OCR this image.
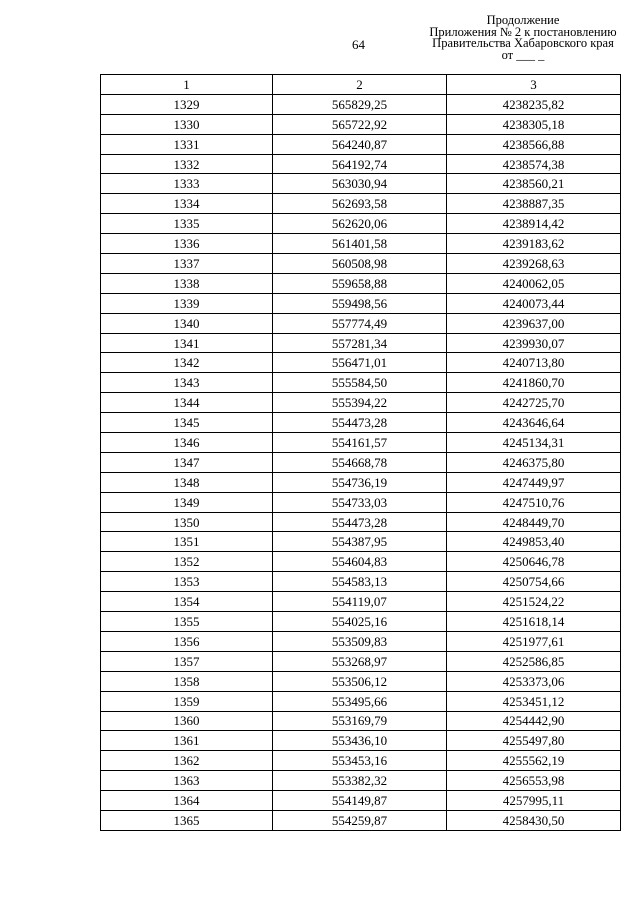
64
Продолжение
Приложения № 2 к постановлению
Правительства Хабаровского края
от ___ _
1	2	3
1329	565829,25	4238235,82
1330	565722,92	4238305,18
1331	564240,87	4238566,88
1332	564192,74	4238574,38
1333	563030,94	4238560,21
1334	562693,58	4238887,35
1335	562620,06	4238914,42
1336	561401,58	4239183,62
1337	560508,98	4239268,63
1338	559658,88	4240062,05
1339	559498,56	4240073,44
1340	557774,49	4239637,00
1341	557281,34	4239930,07
1342	556471,01	4240713,80
1343	555584,50	4241860,70
1344	555394,22	4242725,70
1345	554473,28	4243646,64
1346	554161,57	4245134,31
1347	554668,78	4246375,80
1348	554736,19	4247449,97
1349	554733,03	4247510,76
1350	554473,28	4248449,70
1351	554387,95	4249853,40
1352	554604,83	4250646,78
1353	554583,13	4250754,66
1354	554119,07	4251524,22
1355	554025,16	4251618,14
1356	553509,83	4251977,61
1357	553268,97	4252586,85
1358	553506,12	4253373,06
1359	553495,66	4253451,12
1360	553169,79	4254442,90
1361	553436,10	4255497,80
1362	553453,16	4255562,19
1363	553382,32	4256553,98
1364	554149,87	4257995,11
1365	554259,87	4258430,50
